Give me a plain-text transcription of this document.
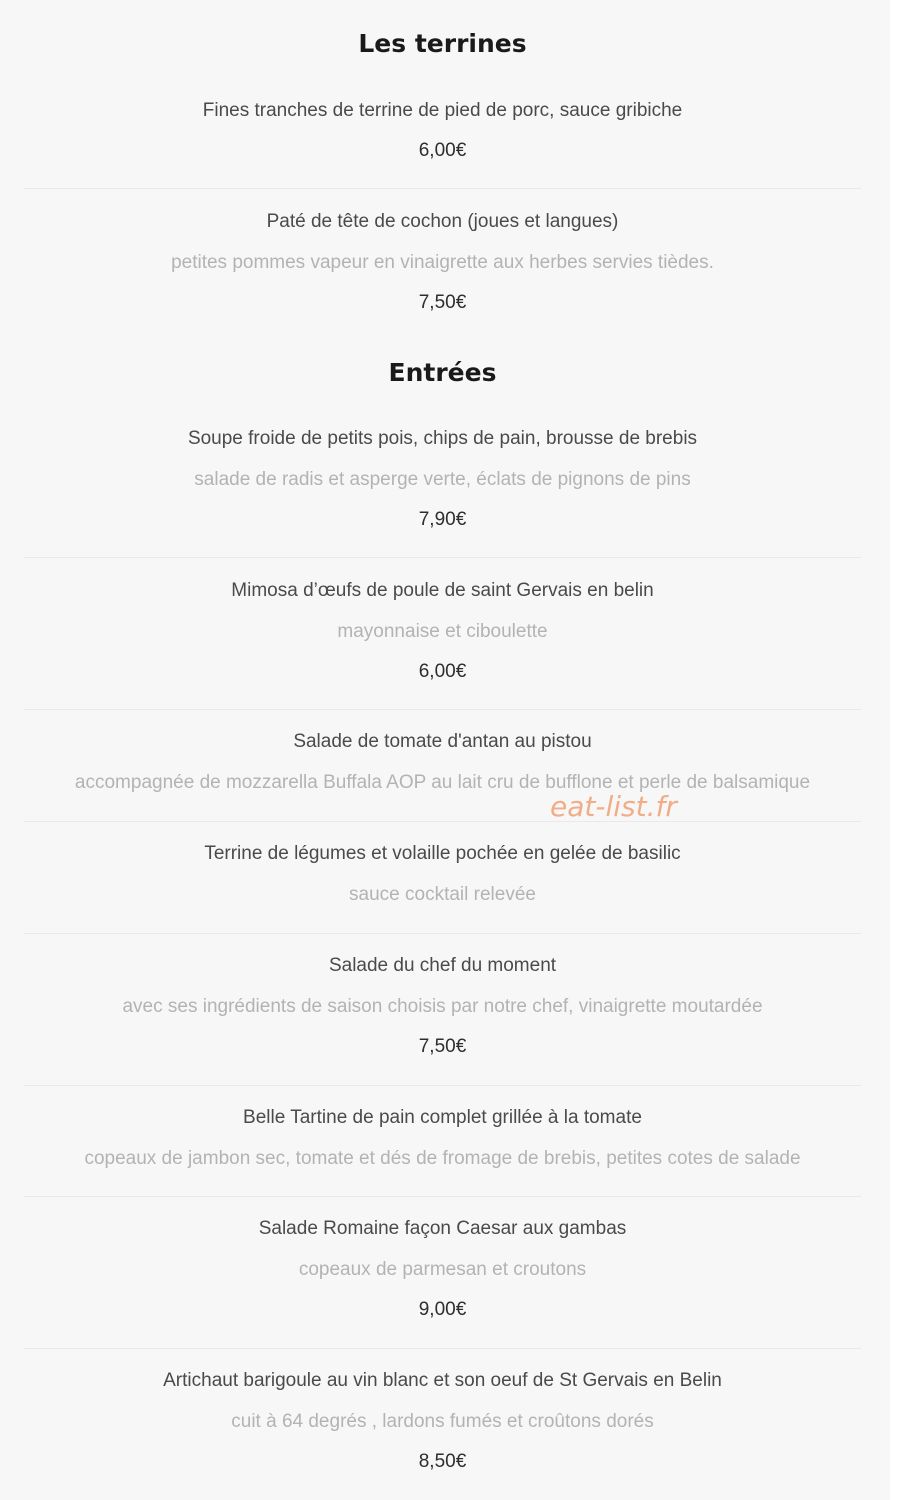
Les terrines
Fines tranches de terrine de pied de porc, sauce gribiche
6,00€
Paté de tête de cochon (joues et langues)
petites pommes vapeur en vinaigrette aux herbes servies tièdes.
7,50€
Entrées
Soupe froide de petits pois, chips de pain, brousse de brebis
salade de radis et asperge verte, éclats de pignons de pins
7,90€
Mimosa d’œufs de poule de saint Gervais en belin
mayonnaise et ciboulette
6,00€
Salade de tomate d'antan au pistou
accompagnée de mozzarella Buffala AOP au lait cru de bufflone et perle de balsamique
Terrine de légumes et volaille pochée en gelée de basilic
sauce cocktail relevée
Salade du chef du moment
avec ses ingrédients de saison choisis par notre chef, vinaigrette moutardée
7,50€
Belle Tartine de pain complet grillée à la tomate
copeaux de jambon sec, tomate et dés de fromage de brebis, petites cotes de salade
Salade Romaine façon Caesar aux gambas
copeaux de parmesan et croutons
9,00€
Artichaut barigoule au vin blanc et son oeuf de St Gervais en Belin
cuit à 64 degrés , lardons fumés et croûtons dorés
8,50€
eat-list.fr
